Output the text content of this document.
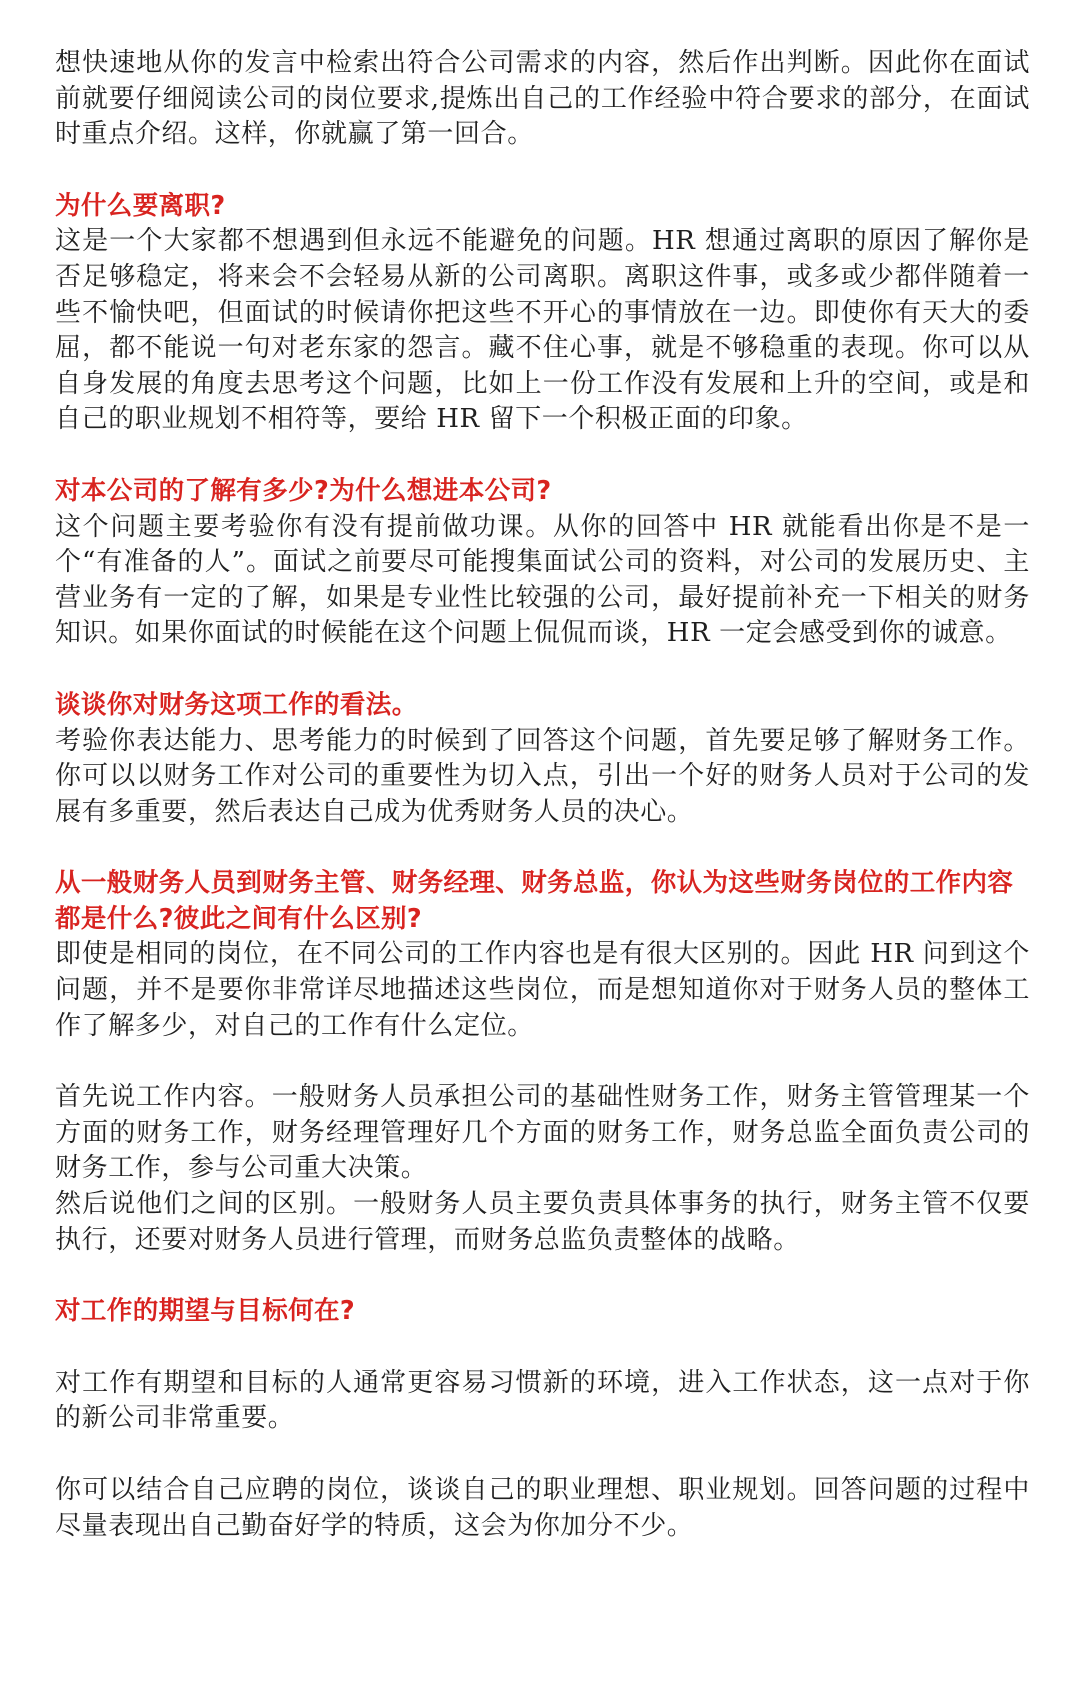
想快速地从你的发言中检索出符合公司需求的内容，然后作出判断。因此你在面试前就要仔细阅读公司的岗位要求,提炼出自己的工作经验中符合要求的部分，在面试时重点介绍。这样，你就赢了第一回合。

为什么要离职?

这是一个大家都不想遇到但永远不能避免的问题。HR 想通过离职的原因了解你是否足够稳定，将来会不会轻易从新的公司离职。离职这件事，或多或少都伴随着一些不愉快吧，但面试的时候请你把这些不开心的事情放在一边。即使你有天大的委屈，都不能说一句对老东家的怨言。藏不住心事，就是不够稳重的表现。你可以从自身发展的角度去思考这个问题，比如上一份工作没有发展和上升的空间，或是和自己的职业规划不相符等，要给 HR 留下一个积极正面的印象。

对本公司的了解有多少?为什么想进本公司?

这个问题主要考验你有没有提前做功课。从你的回答中 HR 就能看出你是不是一个“有准备的人”。面试之前要尽可能搜集面试公司的资料，对公司的发展历史、主营业务有一定的了解，如果是专业性比较强的公司，最好提前补充一下相关的财务知识。如果你面试的时候能在这个问题上侃侃而谈，HR 一定会感受到你的诚意。

谈谈你对财务这项工作的看法。

考验你表达能力、思考能力的时候到了回答这个问题，首先要足够了解财务工作。你可以以财务工作对公司的重要性为切入点，引出一个好的财务人员对于公司的发展有多重要，然后表达自己成为优秀财务人员的决心。

从一般财务人员到财务主管、财务经理、财务总监，你认为这些财务岗位的工作内容都是什么?彼此之间有什么区别?

即使是相同的岗位，在不同公司的工作内容也是有很大区别的。因此 HR 问到这个问题，并不是要你非常详尽地描述这些岗位，而是想知道你对于财务人员的整体工作了解多少，对自己的工作有什么定位。

首先说工作内容。一般财务人员承担公司的基础性财务工作，财务主管管理某一个方面的财务工作，财务经理管理好几个方面的财务工作，财务总监全面负责公司的财务工作，参与公司重大决策。

然后说他们之间的区别。一般财务人员主要负责具体事务的执行，财务主管不仅要执行，还要对财务人员进行管理，而财务总监负责整体的战略。

对工作的期望与目标何在?

对工作有期望和目标的人通常更容易习惯新的环境，进入工作状态，这一点对于你的新公司非常重要。

你可以结合自己应聘的岗位，谈谈自己的职业理想、职业规划。回答问题的过程中尽量表现出自己勤奋好学的特质，这会为你加分不少。
